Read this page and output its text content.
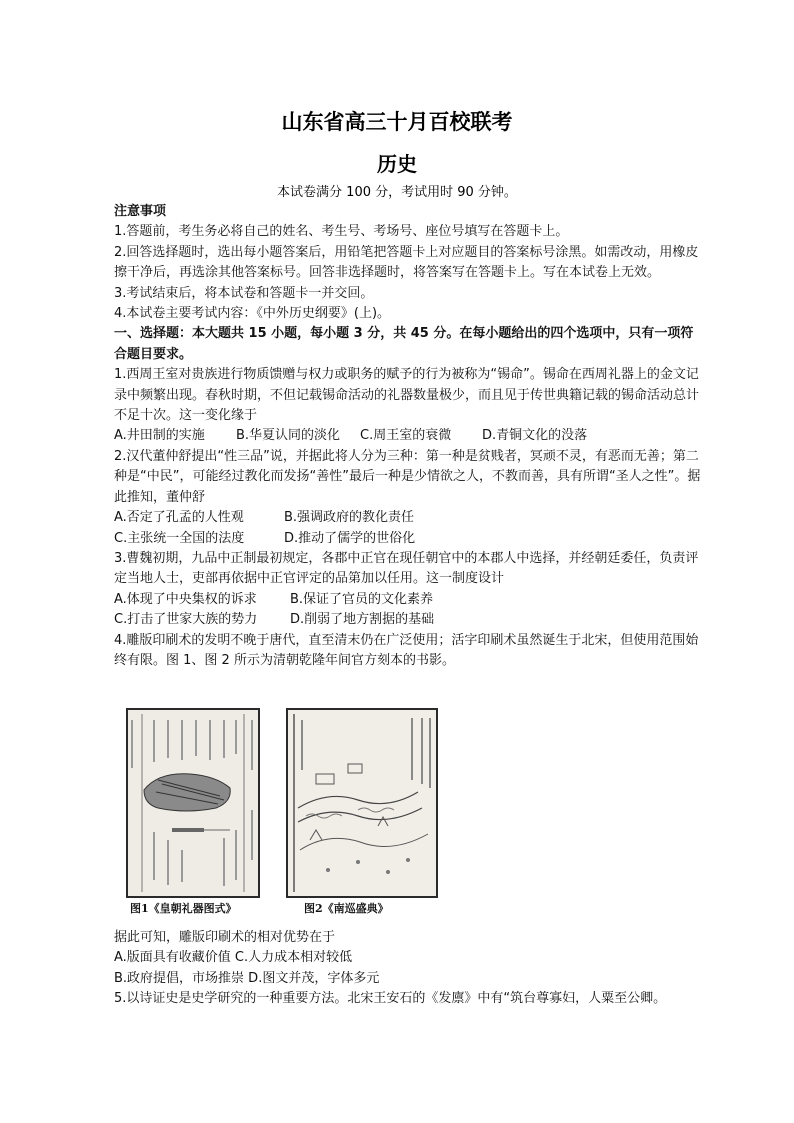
山东省高三十月百校联考
历史
本试卷满分 100 分，考试用时 90 分钟。

注意事项

1.答题前，考生务必将自己的姓名、考生号、考场号、座位号填写在答题卡上。

2.回答选择题时，选出每小题答案后，用铅笔把答题卡上对应题目的答案标号涂黑。如需改动，用橡皮擦干净后，再选涂其他答案标号。回答非选择题时，将答案写在答题卡上。写在本试卷上无效。

3.考试结束后，将本试卷和答题卡一并交回。

4.本试卷主要考试内容：《中外历史纲要》(上)。

一、选择题：本大题共 15 小题，每小题 3 分，共 45 分。在每小题给出的四个选项中，只有一项符合题目要求。

1.西周王室对贵族进行物质馈赠与权力或职务的赋予的行为被称为“锡命”。锡命在西周礼器上的金文记录中频繁出现。春秋时期，不但记载锡命活动的礼器数量极少，而且见于传世典籍记载的锡命活动总计不足十次。这一变化缘于

A.井田制的实施 B.华夏认同的淡化 C.周王室的衰微 D.青铜文化的没落

2.汉代董仲舒提出“性三品”说，并据此将人分为三种：第一种是贫贱者，冥顽不灵，有恶而无善；第二种是“中民”，可能经过教化而发扬“善性”最后一种是少情欲之人，不教而善，具有所谓“圣人之性”。据此推知，董仲舒

A.否定了孔孟的人性观	B.强调政府的教化责任

C.主张统一全国的法度	D.推动了儒学的世俗化

3.曹魏初期，九品中正制最初规定，各郡中正官在现任朝官中的本郡人中选择，并经朝廷委任，负责评定当地人士，吏部再依据中正官评定的品第加以任用。这一制度设计

A.体现了中央集权的诉求	B.保证了官员的文化素养

C.打击了世家大族的势力	D.削弱了地方割据的基础

4.雕版印刷术的发明不晚于唐代，直至清末仍在广泛使用；活字印刷术虽然诞生于北宋，但使用范围始终有限。图 1、图 2 所示为清朝乾隆年间官方刻本的书影。

图1《皇朝礼器图式》	图2《南巡盛典》

据此可知，雕版印刷术的相对优势在于

A.版面具有收藏价值 C.人力成本相对较低

B.政府提倡，市场推崇 D.图文并茂，字体多元

5.以诗证史是史学研究的一种重要方法。北宋王安石的《发廪》中有“筑台尊寡妇，人粟至公卿。
